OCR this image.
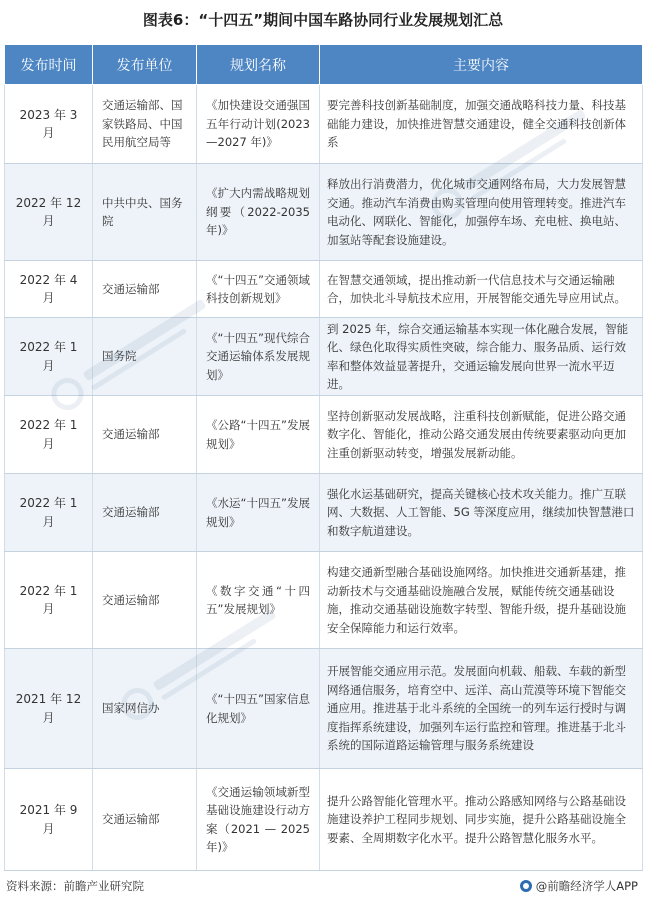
图表6：“十四五”期间中国车路协同行业发展规划汇总
发布时间	发布单位	规划名称	主要内容
2023 年 3 月	交通运输部、国家铁路局、中国民用航空局等	《加快建设交通强国五年行动计划(2023—2027 年)》	要完善科技创新基础制度，加强交通战略科技力量、科技基础能力建设，加快推进智慧交通建设，健全交通科技创新体系
2022 年 12 月	中共中央、国务院	《扩大内需战略规划纲要（2022-2035 年)》	释放出行消费潜力，优化城市交通网络布局，大力发展智慧交通。推动汽车消费由购买管理向使用管理转变。推进汽车电动化、网联化、智能化，加强停车场、充电桩、换电站、加氢站等配套设施建设。
2022 年 4 月	交通运输部	《“十四五”交通领域科技创新规划》	在智慧交通领域，提出推动新一代信息技术与交通运输融合，加快北斗导航技术应用，开展智能交通先导应用试点。
2022 年 1 月	国务院	《“十四五”现代综合交通运输体系发展规划》	到 2025 年，综合交通运输基本实现一体化融合发展，智能化、绿色化取得实质性突破，综合能力、服务品质、运行效率和整体效益显著提升，交通运输发展向世界一流水平迈进。
2022 年 1 月	交通运输部	《公路“十四五”发展规划》	坚持创新驱动发展战略，注重科技创新赋能，促进公路交通数字化、智能化，推动公路交通发展由传统要素驱动向更加注重创新驱动转变，增强发展新动能。
2022 年 1 月	交通运输部	《水运“十四五”发展规划》	强化水运基础研究，提高关键核心技术攻关能力。推广互联网、大数据、人工智能、5G 等深度应用，继续加快智慧港口和数字航道建设。
2022 年 1 月	交通运输部	《数字交通“十四五”发展规划》	构建交通新型融合基础设施网络。加快推进交通新基建，推动新技术与交通基础设施融合发展，赋能传统交通基础设施，推动交通基础设施数字转型、智能升级，提升基础设施安全保障能力和运行效率。
2021 年 12 月	国家网信办	《“十四五”国家信息化规划》	开展智能交通应用示范。发展面向机载、船载、车载的新型网络通信服务，培育空中、远洋、高山荒漠等环境下智能交通应用。推进基于北斗系统的全国统一的列车运行授时与调度指挥系统建设，加强列车运行监控和管理。推进基于北斗系统的国际道路运输管理与服务系统建设
2021 年 9 月	交通运输部	《交通运输领域新型基础设施建设行动方案（2021 — 2025 年)》	提升公路智能化管理水平。推动公路感知网络与公路基础设施建设养护工程同步规划、同步实施，提升公路基础设施全要素、全周期数字化水平。提升公路智慧化服务水平。
资料来源：前瞻产业研究院	@前瞻经济学人APP
